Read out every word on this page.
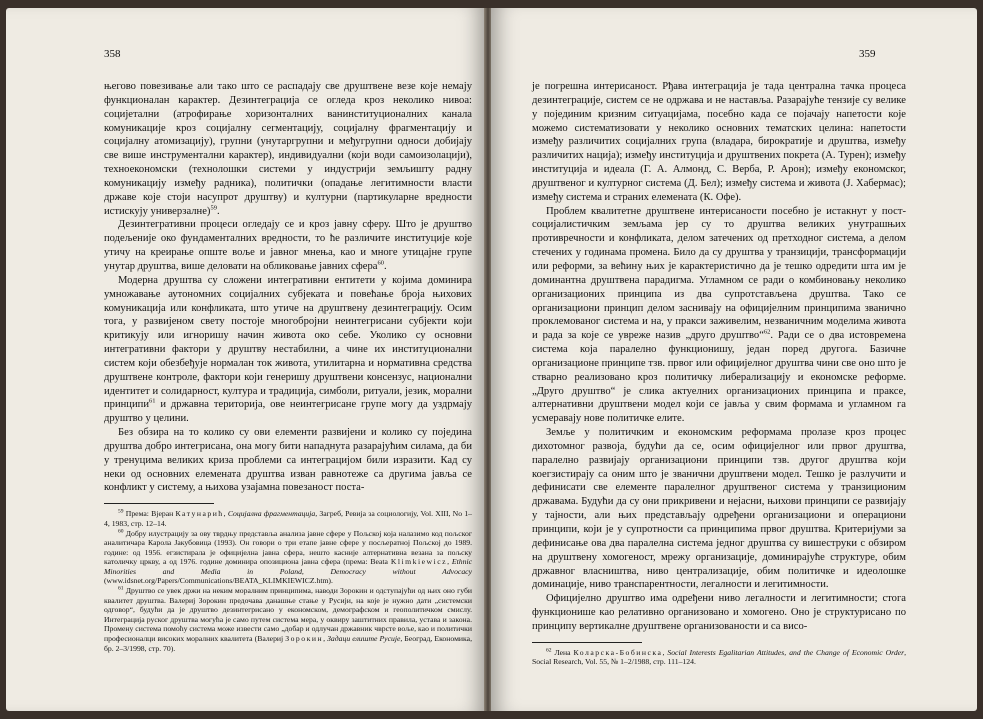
358

његово повезивање али тако што се распадају све друштвене везе које немају функционалан карактер. Дезинтеграција се огледа кроз неколико нивоа: социјетални (атрофирање хоризонталних ванинституционалних канала комуникације кроз социјалну сегментацију, социјалну фрагментацију и социјалну атомизацију), групни (унутаргрупни и међугрупни односи добијају све више инструментални карактер), индивидуални (који води самоизолацији), техноекономски (технолошки системи у индустрији земљишту радну комуникацију између радника), политички (опадање легитимности власти државе које стоји насупрот друштву) и културни (партикуларне вредности истискују универзалне)$^{59}$.

Дезинтегративни процеси огледају се и кроз јавну сферу. Што је друштво подељеније око фундаменталних вредности, то ће различите институције које утичу на креирање опште воље и јавног мнења, као и многе утицајне групе унутар друштва, више деловати на обликовање јавних сфера$^{60}$.

Модерна друштва су сложени интегративни ентитети у којима доминира умножавање аутономних социјалних субјеката и повећање броја њихових комуникација или конфликата, што утиче на друштвену дезинтеграцију. Осим тога, у развијеном свету постоје многобројни неинтегрисани субјекти који критикују или игноришу начин живота око себе. Уколико су основни интегративни фактори у друштву нестабилни, а чине их институционални систем који обезбеђује нормалан ток живота, утилитарна и нормативна средства друштвене контроле, фактори који генеришу друштвени консензус, национални идентитет и солидарност, култура и традиција, симболи, ритуали, језик, морални принципи$^{61}$ и државна територија, ове неинтегрисане групе могу да уздрмају друштво у целини.

Без обзира на то колико су ови елементи развијени и колико су поједина друштва добро интегрисана, она могу бити нападнута разарајућим силама, да би у тренуцима великих криза проблеми са интеграцијом били изразити. Кад су неки од основних елемената друштва изван равнотеже са другима јавља се конфликт у систему, а њихова узајамна повезаност поста-

$^{59}$ Према: Вјеран Катунарић, Социјална фрагментација, Загреб, Ревија за социологију, Vol. XIII, No 1–4, 1983, стр. 12–14.

$^{60}$ Добру илустрацију за ову тврдњу представља анализа јавне сфере у Пољској која налазимо код пољског аналитичара Карола Јакубовица (1993). Он говори о три етапе јавне сфере у посљератној Пољској до 1989. године: од 1956. егзистирала је официјелна јавна сфера, нешто касније алтернативна везана за пољску католичку цркву, а од 1976. године доминира опозициона јавна сфера (према: Beata Klimkiewicz, Ethnic Minorities and Media in Poland, Democracy without Advocacy (www.idsnet.org/Papers/Communications/BEATA_KLIMKIEWICZ.htm).

$^{61}$ Друштво се увек држи на неким моралним принципима, наводи Зорокин и одступајући од њих оно губи квалитет друштва. Валериј Зорокин предочава данашње стање у Русији, на које је нужно дати „системски одговор“, будући да је друштво дезинтегрисано у економском, демографском и геополитичком смислу. Интеграција руског друштва могућа је само путем система мера, у оквиру заштитних правила, устава и закона. Промену система помоћу система може извести само „добар и одлучан државник чврсте воље, као и политички професионалци високих моралних квалитета (Валериј Зорокин, Задаци елиште Русије, Београд, Економика, бр. 2–3/1998, стр. 70).

359

је погрешна интерисаност. Рђава интеграција је тада централна тачка процеса дезинтеграције, систем се не одржава и не наставља. Разарајуће тензије су велике у појединим кризним ситуацијама, посебно када се појачају напетости које можемо систематизовати у неколико основних тематских целина: напетости између различитих социјалних група (владара, бирократије и друштва, између различитих нација); између институција и друштвених покрета (А. Турен); између институција и идеала (Г. А. Алмонд, С. Верба, Р. Арон); између економског, друштвеног и културног система (Д. Бел); између система и живота (Ј. Хабермас); између система и страних елемената (К. Офе).

Проблем квалитетне друштвене интерисаности посебно је истакнут у пост-социјалистичким земљама јер су то друштва великих унутрашњих противречности и конфликата, делом затечених од претходног система, а делом стечених у годинама промена. Било да су друштва у транзицији, трансформацији или реформи, за већину њих је карактеристично да је тешко одредити шта им је доминантна друштвена парадигма. Угламном се ради о комбиновању неколико организационих принципа из два супротстављена друштва. Тако се организациони принцип делом заснивају на официјелним принципима званично проклемованог система и на, у пракси заживелим, незваничним моделима живота и рада за које се увреже назив „друго друштво“$^{62}$. Ради се о два истовремена система која паралелно функционишу, један поред другога. Базичне организационе принципе тзв. првог или официјелног друштва чини све оно што је стварно реализовано кроз политичку либерализацију и економске реформе. „Друго друштво“ је слика актуелних организационих принципа и праксе, алтернативни друштвени модел који се јавља у свим формама и угламном га усмеравају нове политичке елите.

Земље у политичким и економским реформама пролазе кроз процес дихотомног развоја, будући да се, осим официјелног или првог друштва, паралелно развијају организациони принципи тзв. другог друштва који коегзистирају са оним што је званични друштвени модел. Тешко је разлучити и дефинисати све елементе паралелног друштвеног система у транзиционим државама. Будући да су они прикривени и нејасни, њихови принципи се развијају у тајности, али њих представљају одређени организациони и операциони принципи, који је у супротности са принципима првог друштва. Критеријуми за дефинисање ова два паралелна система једног друштва су вишеструки с обзиром на друштвену хомогеност, мрежу организације, доминирајуће структуре, обим државног власништва, ниво централизације, обим политичке и идеолошке доминације, ниво транспарентности, легалности и легитимности.

Официјелно друштво има одређени ниво легалности и легитимности; стога функционише као релативно организовано и хомогено. Оно је структурисано по принципу вертикалне друштвене организованости и са висо-

$^{62}$ Лена Коларска-Бобинска, Social Interests Egalitarian Attitudes, and the Change of Economic Order, Social Research, Vol. 55, № 1–2/1988, стр. 111–124.
